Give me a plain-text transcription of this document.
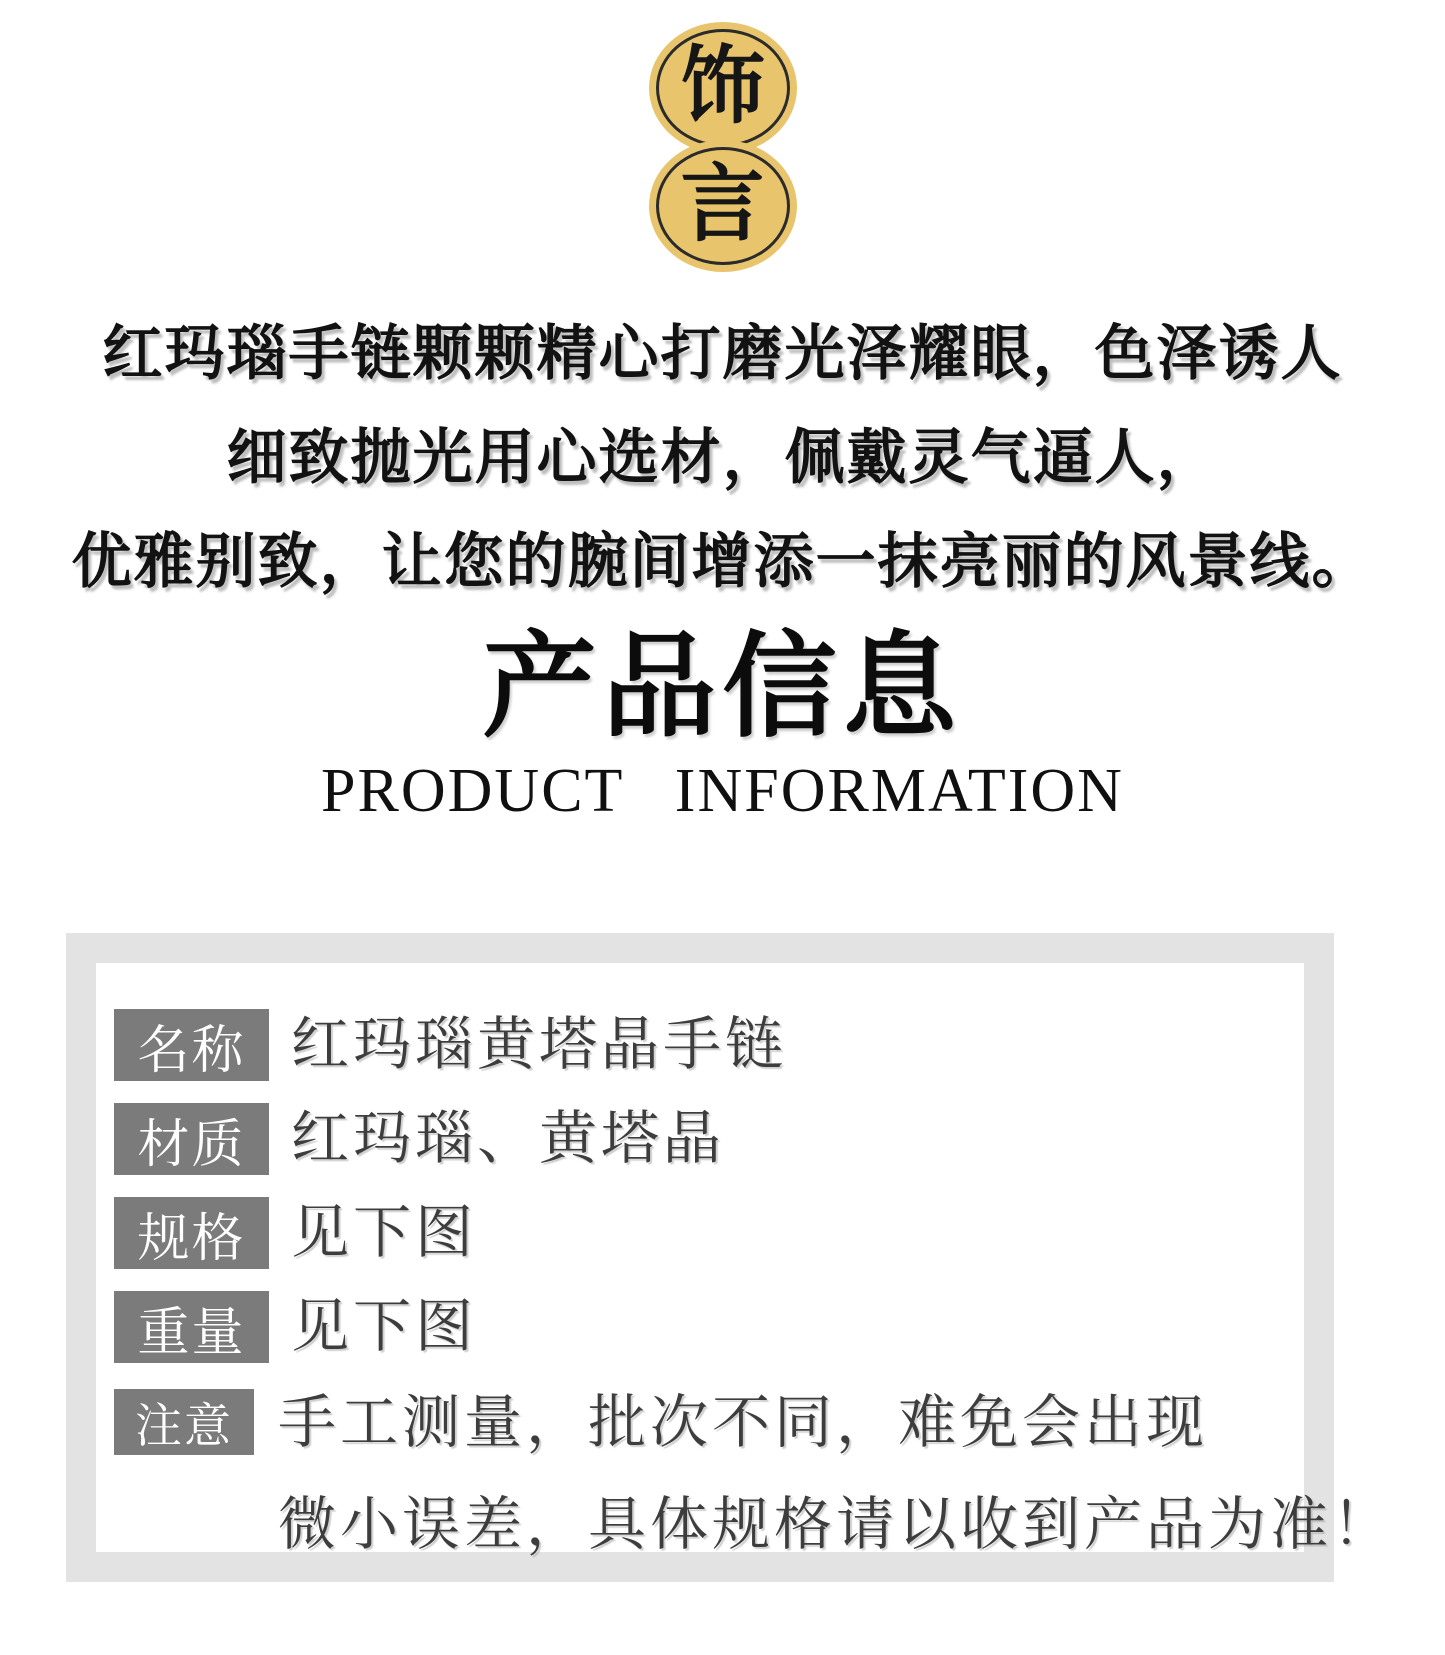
饰
言
红玛瑙手链颗颗精心打磨光泽耀眼，色泽诱人
细致抛光用心选材，佩戴灵气逼人，
优雅别致，让您的腕间增添一抹亮丽的风景线。
产品信息
PRODUCT INFORMATION
名称 红玛瑙黄塔晶手链
材质 红玛瑙、黄塔晶
规格 见下图
重量 见下图
注意 手工测量，批次不同，难免会出现
微小误差，具体规格请以收到产品为准！
